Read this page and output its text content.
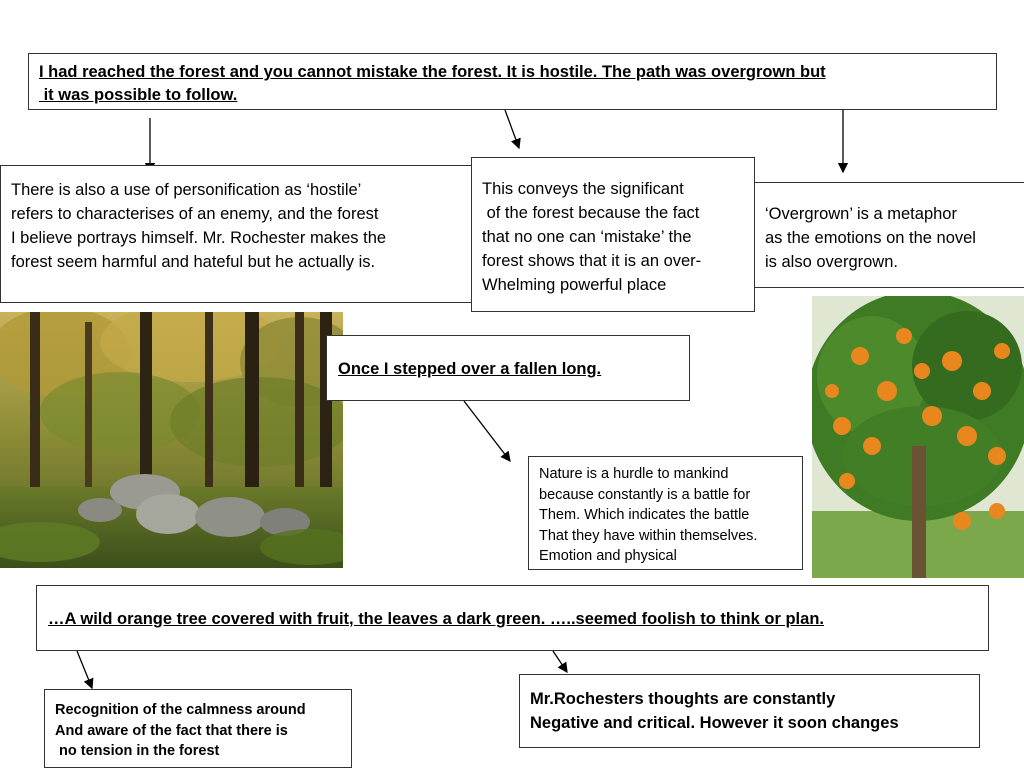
I had reached the forest and you cannot mistake the forest. It is hostile. The path was overgrown but

it was possible to follow.

There is also a use of personification as ‘hostile’

refers to characterises of an enemy, and the forest

I believe portrays himself. Mr. Rochester makes the

forest seem harmful and hateful but he actually is.

This conveys the significant

of the forest because the fact

that no one can ‘mistake’ the

forest shows that it is an over-

Whelming powerful place

‘Overgrown’ is a metaphor

as the emotions on the novel

is also overgrown.

Once I stepped over a fallen long.

Nature is a hurdle to mankind

because constantly is a battle for

Them. Which indicates the battle

That they have within themselves.

Emotion and physical

…A wild orange tree covered with fruit, the leaves a dark green. …..seemed foolish to think or plan.

Recognition of the calmness around

And aware of the fact that there is

no tension in the forest

Mr.Rochesters thoughts are constantly

Negative and critical. However it soon changes
